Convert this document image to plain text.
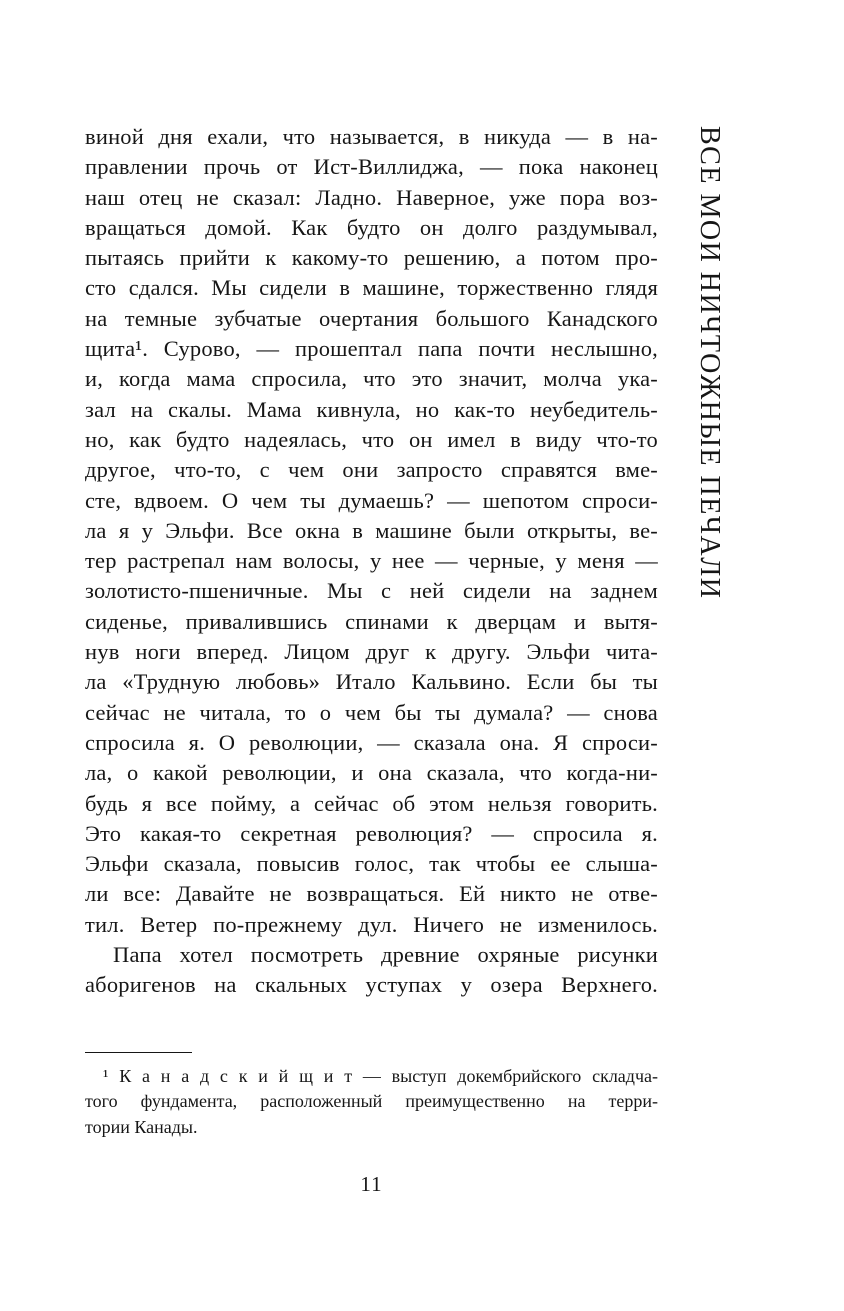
ВСЕ МОИ НИЧТОЖНЫЕ ПЕЧАЛИ
виной дня ехали, что называется, в никуда — в на-
правлении прочь от Ист-Виллиджа, — пока наконец
наш отец не сказал: Ладно. Наверное, уже пора воз-
вращаться домой. Как будто он долго раздумывал,
пытаясь прийти к какому-то решению, а потом про-
сто сдался. Мы сидели в машине, торжественно глядя
на темные зубчатые очертания большого Канадского
щита¹. Сурово, — прошептал папа почти неслышно,
и, когда мама спросила, что это значит, молча ука-
зал на скалы. Мама кивнула, но как-то неубедитель-
но, как будто надеялась, что он имел в виду что-то
другое, что-то, с чем они запросто справятся вме-
сте, вдвоем. О чем ты думаешь? — шепотом спроси-
ла я у Эльфи. Все окна в машине были открыты, ве-
тер растрепал нам волосы, у нее — черные, у меня —
золотисто-пшеничные. Мы с ней сидели на заднем
сиденье, привалившись спинами к дверцам и вытя-
нув ноги вперед. Лицом друг к другу. Эльфи чита-
ла «Трудную любовь» Итало Кальвино. Если бы ты
сейчас не читала, то о чем бы ты думала? — снова
спросила я. О революции, — сказала она. Я спроси-
ла, о какой революции, и она сказала, что когда-ни-
будь я все пойму, а сейчас об этом нельзя говорить.
Это какая-то секретная революция? — спросила я.
Эльфи сказала, повысив голос, так чтобы ее слыша-
ли все: Давайте не возвращаться. Ей никто не отве-
тил. Ветер по-прежнему дул. Ничего не изменилось.
Папа хотел посмотреть древние охряные рисунки
аборигенов на скальных уступах у озера Верхнего.
¹ К а н а д с к и й щ и т — выступ докембрийского складча-
того фундамента, расположенный преимущественно на терри-
тории Канады.
11
